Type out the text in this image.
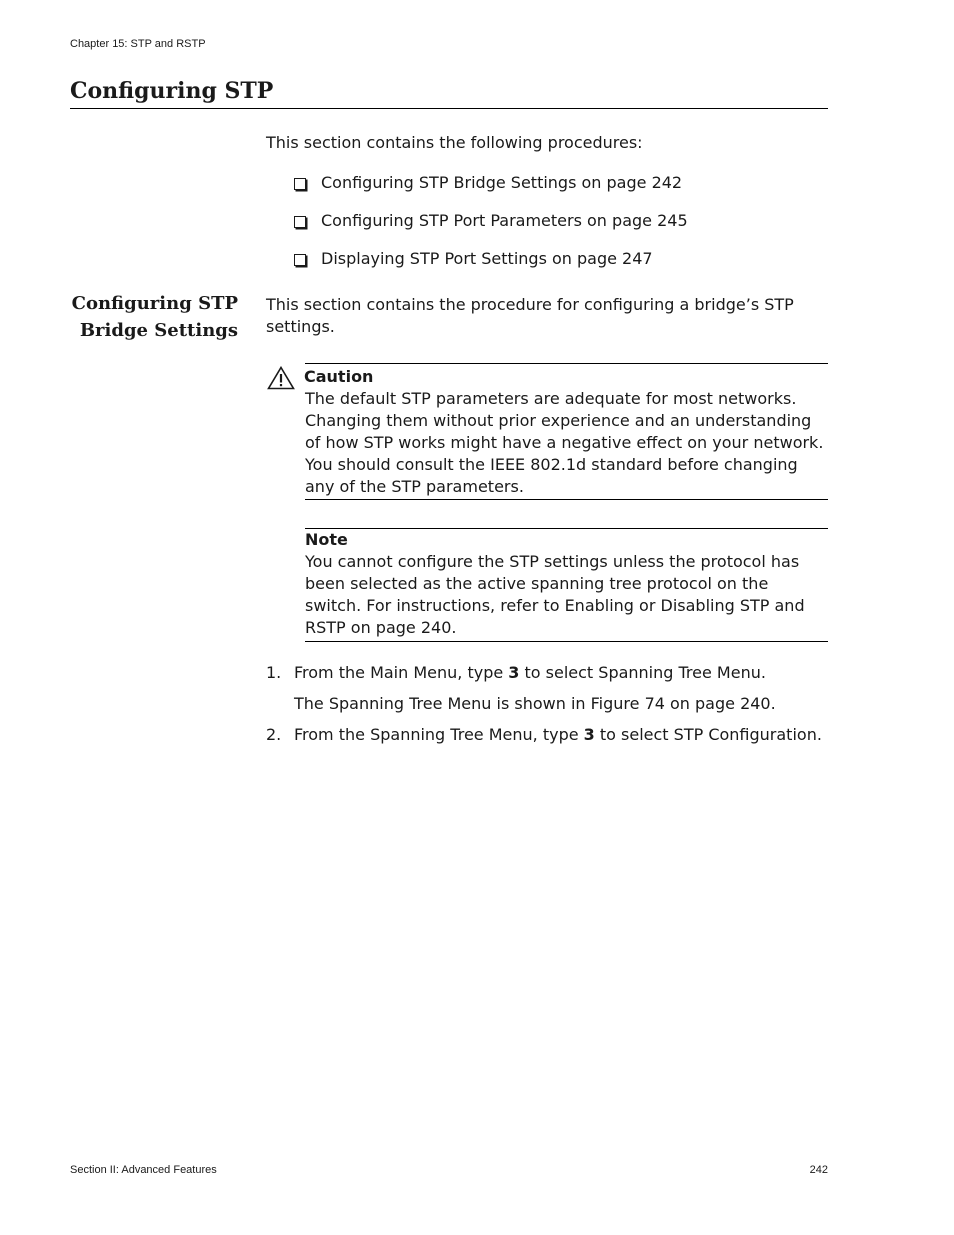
Chapter 15: STP and RSTP
Configuring STP
This section contains the following procedures:
Configuring STP Bridge Settings on page 242
Configuring STP Port Parameters on page 245
Displaying STP Port Settings on page 247
Configuring STP
Bridge Settings
This section contains the procedure for configuring a bridge’s STP settings.
Caution
The default STP parameters are adequate for most networks. Changing them without prior experience and an understanding of how STP works might have a negative effect on your network. You should consult the IEEE 802.1d standard before changing any of the STP parameters.
Note
You cannot configure the STP settings unless the protocol has been selected as the active spanning tree protocol on the switch. For instructions, refer to Enabling or Disabling STP and RSTP on page 240.
1. From the Main Menu, type 3 to select Spanning Tree Menu.
The Spanning Tree Menu is shown in Figure 74 on page 240.
2. From the Spanning Tree Menu, type 3 to select STP Configuration.
Section II: Advanced Features	242
